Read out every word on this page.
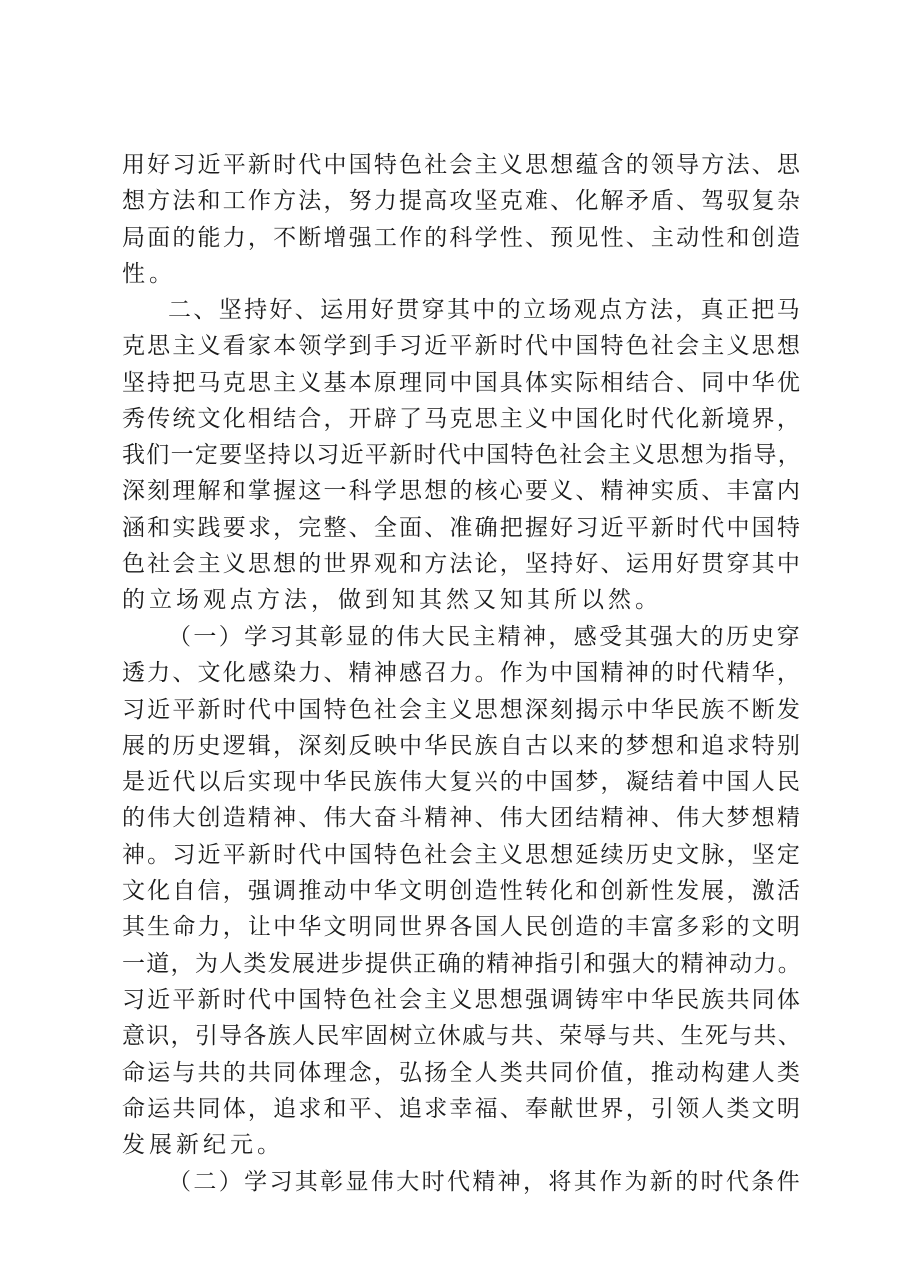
用好习近平新时代中国特色社会主义思想蕴含的领导方法、思
想方法和工作方法，努力提高攻坚克难、化解矛盾、驾驭复杂
局面的能力，不断增强工作的科学性、预见性、主动性和创造
性。
二、坚持好、运用好贯穿其中的立场观点方法，真正把马
克思主义看家本领学到手习近平新时代中国特色社会主义思想
坚持把马克思主义基本原理同中国具体实际相结合、同中华优
秀传统文化相结合，开辟了马克思主义中国化时代化新境界，
我们一定要坚持以习近平新时代中国特色社会主义思想为指导，
深刻理解和掌握这一科学思想的核心要义、精神实质、丰富内
涵和实践要求，完整、全面、准确把握好习近平新时代中国特
色社会主义思想的世界观和方法论，坚持好、运用好贯穿其中
的立场观点方法，做到知其然又知其所以然。
（一）学习其彰显的伟大民主精神，感受其强大的历史穿
透力、文化感染力、精神感召力。作为中国精神的时代精华，
习近平新时代中国特色社会主义思想深刻揭示中华民族不断发
展的历史逻辑，深刻反映中华民族自古以来的梦想和追求特别
是近代以后实现中华民族伟大复兴的中国梦，凝结着中国人民
的伟大创造精神、伟大奋斗精神、伟大团结精神、伟大梦想精
神。习近平新时代中国特色社会主义思想延续历史文脉，坚定
文化自信，强调推动中华文明创造性转化和创新性发展，激活
其生命力，让中华文明同世界各国人民创造的丰富多彩的文明
一道，为人类发展进步提供正确的精神指引和强大的精神动力。
习近平新时代中国特色社会主义思想强调铸牢中华民族共同体
意识，引导各族人民牢固树立休戚与共、荣辱与共、生死与共、
命运与共的共同体理念，弘扬全人类共同价值，推动构建人类
命运共同体，追求和平、追求幸福、奉献世界，引领人类文明
发展新纪元。
（二）学习其彰显伟大时代精神，将其作为新的时代条件
